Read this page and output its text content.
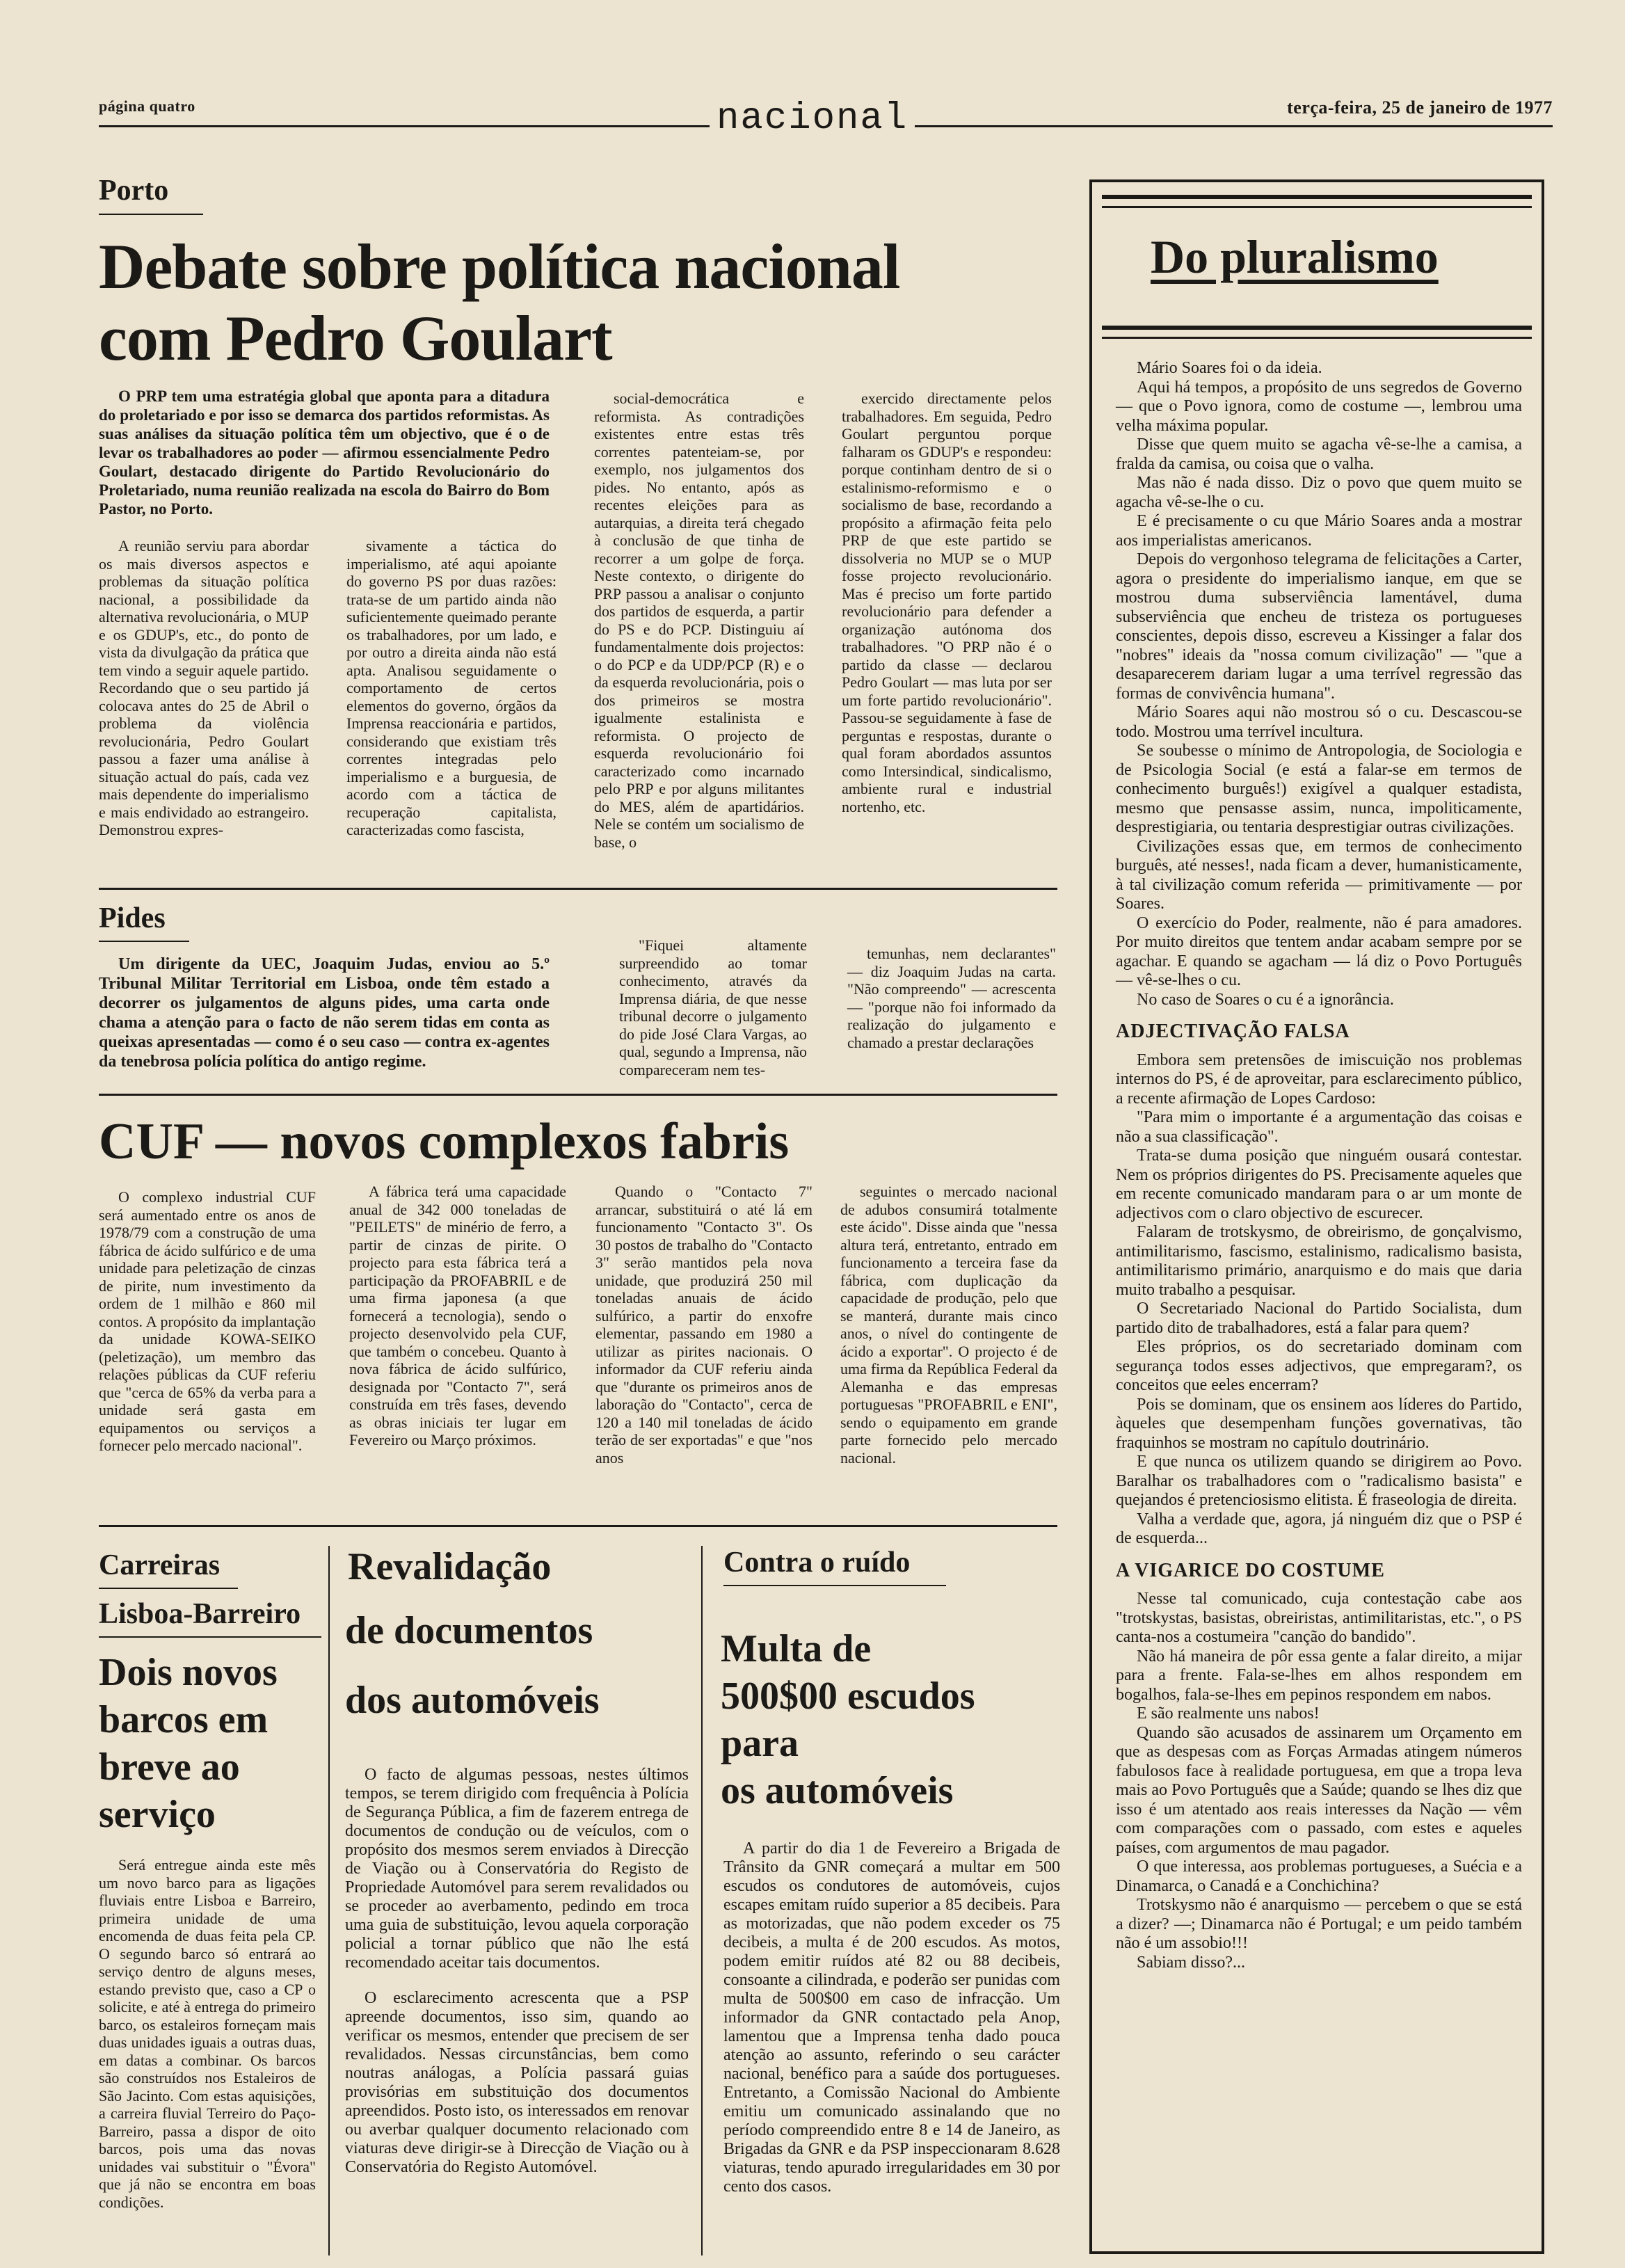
página quatro	nacional	terça-feira, 25 de janeiro de 1977
Porto
Debate sobre política nacional
com Pedro Goulart

O PRP tem uma estratégia global que aponta para a ditadura do proletariado e por isso se demarca dos partidos reformistas. As suas análises da situação política têm um objectivo, que é o de levar os trabalhadores ao poder — afirmou essencialmente Pedro Goulart, destacado dirigente do Partido Revolucionário do Proletariado, numa reunião realizada na escola do Bairro do Bom Pastor, no Porto.

A reunião serviu para abordar os mais diversos aspectos e problemas da situação política nacional, a possibilidade da alternativa revolucionária, o MUP e os GDUP's, etc., do ponto de vista da divulgação da prática que tem vindo a seguir aquele partido. Recordando que o seu partido já colocava antes do 25 de Abril o problema da violência revolucionária, Pedro Goulart passou a fazer uma análise à situação actual do país, cada vez mais dependente do imperialismo e mais endividado ao estrangeiro. Demonstrou expres-

sivamente a táctica do imperialismo, até aqui apoiante do governo PS por duas razões: trata-se de um partido ainda não suficientemente queimado perante os trabalhadores, por um lado, e por outro a direita ainda não está apta. Analisou seguidamente o comportamento de certos elementos do governo, órgãos da Imprensa reaccionária e partidos, considerando que existiam três correntes integradas pelo imperialismo e a burguesia, de acordo com a táctica de recuperação capitalista, caracterizadas como fascista,

social-democrática e reformista. As contradições existentes entre estas três correntes patenteiam-se, por exemplo, nos julgamentos dos pides. No entanto, após as recentes eleições para as autarquias, a direita terá chegado à conclusão de que tinha de recorrer a um golpe de força. Neste contexto, o dirigente do PRP passou a analisar o conjunto dos partidos de esquerda, a partir do PS e do PCP. Distinguiu aí fundamentalmente dois projectos: o do PCP e da UDP/PCP (R) e o da esquerda revolucionária, pois o dos primeiros se mostra igualmente estalinista e reformista. O projecto de esquerda revolucionário foi caracterizado como incarnado pelo PRP e por alguns militantes do MES, além de apartidários. Nele se contém um socialismo de base, o

exercido directamente pelos trabalhadores. Em seguida, Pedro Goulart perguntou porque falharam os GDUP's e respondeu: porque continham dentro de si o estalinismo-reformismo e o socialismo de base, recordando a propósito a afirmação feita pelo PRP de que este partido se dissolveria no MUP se o MUP fosse projecto revolucionário. Mas é preciso um forte partido revolucionário para defender a organização autónoma dos trabalhadores. "O PRP não é o partido da classe — declarou Pedro Goulart — mas luta por ser um forte partido revolucionário". Passou-se seguidamente à fase de perguntas e respostas, durante o qual foram abordados assuntos como Intersindical, sindicalismo, ambiente rural e industrial nortenho, etc.

Pides

Um dirigente da UEC, Joaquim Judas, enviou ao 5.º Tribunal Militar Territorial em Lisboa, onde têm estado a decorrer os julgamentos de alguns pides, uma carta onde chama a atenção para o facto de não serem tidas em conta as queixas apresentadas — como é o seu caso — contra ex-agentes da tenebrosa polícia política do antigo regime.

"Fiquei altamente surpreendido ao tomar conhecimento, através da Imprensa diária, de que nesse tribunal decorre o julgamento do pide José Clara Vargas, ao qual, segundo a Imprensa, não compareceram nem tes-

temunhas, nem declarantes" — diz Joaquim Judas na carta. "Não compreendo" — acrescenta — "porque não foi informado da realização do julgamento e chamado a prestar declarações

CUF — novos complexos fabris

O complexo industrial CUF será aumentado entre os anos de 1978/79 com a construção de uma fábrica de ácido sulfúrico e de uma unidade para peletização de cinzas de pirite, num investimento da ordem de 1 milhão e 860 mil contos. A propósito da implantação da unidade KOWA-SEIKO (peletização), um membro das relações públicas da CUF referiu que "cerca de 65% da verba para a unidade será gasta em equipamentos ou serviços a fornecer pelo mercado nacional".

A fábrica terá uma capacidade anual de 342 000 toneladas de "PEILETS" de minério de ferro, a partir de cinzas de pirite. O projecto para esta fábrica terá a participação da PROFABRIL e de uma firma japonesa (a que fornecerá a tecnologia), sendo o projecto desenvolvido pela CUF, que também o concebeu. Quanto à nova fábrica de ácido sulfúrico, designada por "Contacto 7", será construída em três fases, devendo as obras iniciais ter lugar em Fevereiro ou Março próximos.

Quando o "Contacto 7" arrancar, substituirá o até lá em funcionamento "Contacto 3". Os 30 postos de trabalho do "Contacto 3" serão mantidos pela nova unidade, que produzirá 250 mil toneladas anuais de ácido sulfúrico, a partir do enxofre elementar, passando em 1980 a utilizar as pirites nacionais. O informador da CUF referiu ainda que "durante os primeiros anos de laboração do "Contacto", cerca de 120 a 140 mil toneladas de ácido terão de ser exportadas" e que "nos anos

seguintes o mercado nacional de adubos consumirá totalmente este ácido". Disse ainda que "nessa altura terá, entretanto, entrado em funcionamento a terceira fase da fábrica, com duplicação da capacidade de produção, pelo que se manterá, durante mais cinco anos, o nível do contingente de ácido a exportar". O projecto é de uma firma da República Federal da Alemanha e das empresas portuguesas "PROFABRIL e ENI", sendo o equipamento em grande parte fornecido pelo mercado nacional.

Carreiras
Lisboa-Barreiro
Dois novos barcos em breve ao serviço

Será entregue ainda este mês um novo barco para as ligações fluviais entre Lisboa e Barreiro, primeira unidade de uma encomenda de duas feita pela CP. O segundo barco só entrará ao serviço dentro de alguns meses, estando previsto que, caso a CP o solicite, e até à entrega do primeiro barco, os estaleiros forneçam mais duas unidades iguais a outras duas, em datas a combinar. Os barcos são construídos nos Estaleiros de São Jacinto. Com estas aquisições, a carreira fluvial Terreiro do Paço-Barreiro, passa a dispor de oito barcos, pois uma das novas unidades vai substituir o "Évora" que já não se encontra em boas condições.

Revalidação
de documentos
dos automóveis

O facto de algumas pessoas, nestes últimos tempos, se terem dirigido com frequência à Polícia de Segurança Pública, a fim de fazerem entrega de documentos de condução ou de veículos, com o propósito dos mesmos serem enviados à Direcção de Viação ou à Conservatória do Registo de Propriedade Automóvel para serem revalidados ou se proceder ao averbamento, pedindo em troca uma guia de substituição, levou aquela corporação policial a tornar público que não lhe está recomendado aceitar tais documentos.

O esclarecimento acrescenta que a PSP apreende documentos, isso sim, quando ao verificar os mesmos, entender que precisem de ser revalidados. Nessas circunstâncias, bem como noutras análogas, a Polícia passará guias provisórias em substituição dos documentos apreendidos. Posto isto, os interessados em renovar ou averbar qualquer documento relacionado com viaturas deve dirigir-se à Direcção de Viação ou à Conservatória do Registo Automóvel.

Contra o ruído
Multa de
500$00 escudos
para
os automóveis

A partir do dia 1 de Fevereiro a Brigada de Trânsito da GNR começará a multar em 500 escudos os condutores de automóveis, cujos escapes emitam ruído superior a 85 decibeis. Para as motorizadas, que não podem exceder os 75 decibeis, a multa é de 200 escudos. As motos, podem emitir ruídos até 82 ou 88 decibeis, consoante a cilindrada, e poderão ser punidas com multa de 500$00 em caso de infracção. Um informador da GNR contactado pela Anop, lamentou que a Imprensa tenha dado pouca atenção ao assunto, referindo o seu carácter nacional, benéfico para a saúde dos portugueses. Entretanto, a Comissão Nacional do Ambiente emitiu um comunicado assinalando que no período compreendido entre 8 e 14 de Janeiro, as Brigadas da GNR e da PSP inspeccionaram 8.628 viaturas, tendo apurado irregularidades em 30 por cento dos casos.

Do pluralismo

Mário Soares foi o da ideia.

Aqui há tempos, a propósito de uns segredos de Governo — que o Povo ignora, como de costume —, lembrou uma velha máxima popular.

Disse que quem muito se agacha vê-se-lhe a camisa, a fralda da camisa, ou coisa que o valha.

Mas não é nada disso. Diz o povo que quem muito se agacha vê-se-lhe o cu.

E é precisamente o cu que Mário Soares anda a mostrar aos imperialistas americanos.

Depois do vergonhoso telegrama de felicitações a Carter, agora o presidente do imperialismo ianque, em que se mostrou duma subserviência lamentável, duma subserviência que encheu de tristeza os portugueses conscientes, depois disso, escreveu a Kissinger a falar dos "nobres" ideais da "nossa comum civilização" — "que a desaparecerem dariam lugar a uma terrível regressão das formas de convivência humana".

Mário Soares aqui não mostrou só o cu. Descascou-se todo. Mostrou uma terrível incultura.

Se soubesse o mínimo de Antropologia, de Sociologia e de Psicologia Social (e está a falar-se em termos de conhecimento burguês!) exigível a qualquer estadista, mesmo que pensasse assim, nunca, impoliticamente, desprestigiaria, ou tentaria desprestigiar outras civilizações.

Civilizações essas que, em termos de conhecimento burguês, até nesses!, nada ficam a dever, humanisticamente, à tal civilização comum referida — primitivamente — por Soares.

O exercício do Poder, realmente, não é para amadores. Por muito direitos que tentem andar acabam sempre por se agachar. E quando se agacham — lá diz o Povo Português — vê-se-lhes o cu.

No caso de Soares o cu é a ignorância.

ADJECTIVAÇÃO FALSA

Embora sem pretensões de imiscuição nos problemas internos do PS, é de aproveitar, para esclarecimento público, a recente afirmação de Lopes Cardoso:

"Para mim o importante é a argumentação das coisas e não a sua classificação".

Trata-se duma posição que ninguém ousará contestar. Nem os próprios dirigentes do PS. Precisamente aqueles que em recente comunicado mandaram para o ar um monte de adjectivos com o claro objectivo de escurecer.

Falaram de trotskysmo, de obreirismo, de gonçalvismo, antimilitarismo, fascismo, estalinismo, radicalismo basista, antimilitarismo primário, anarquismo e do mais que daria muito trabalho a pesquisar.

O Secretariado Nacional do Partido Socialista, dum partido dito de trabalhadores, está a falar para quem?

Eles próprios, os do secretariado dominam com segurança todos esses adjectivos, que empregaram?, os conceitos que eeles encerram?

Pois se dominam, que os ensinem aos líderes do Partido, àqueles que desempenham funções governativas, tão fraquinhos se mostram no capítulo doutrinário.

E que nunca os utilizem quando se dirigirem ao Povo. Baralhar os trabalhadores com o "radicalismo basista" e quejandos é pretenciosismo elitista. É fraseologia de direita.

Valha a verdade que, agora, já ninguém diz que o PSP é de esquerda...

A VIGARICE DO COSTUME

Nesse tal comunicado, cuja contestação cabe aos "trotskystas, basistas, obreiristas, antimilitaristas, etc.", o PS canta-nos a costumeira "canção do bandido".

Não há maneira de pôr essa gente a falar direito, a mijar para a frente. Fala-se-lhes em alhos respondem em bogalhos, fala-se-lhes em pepinos respondem em nabos.

E são realmente uns nabos!

Quando são acusados de assinarem um Orçamento em que as despesas com as Forças Armadas atingem números fabulosos face à realidade portuguesa, em que a tropa leva mais ao Povo Português que a Saúde; quando se lhes diz que isso é um atentado aos reais interesses da Nação — vêm com comparações com o passado, com estes e aqueles países, com argumentos de mau pagador.

O que interessa, aos problemas portugueses, a Suécia e a Dinamarca, o Canadá e a Conchichina?

Trotskysmo não é anarquismo — percebem o que se está a dizer? —; Dinamarca não é Portugal; e um peido também não é um assobio!!!

Sabiam disso?...
